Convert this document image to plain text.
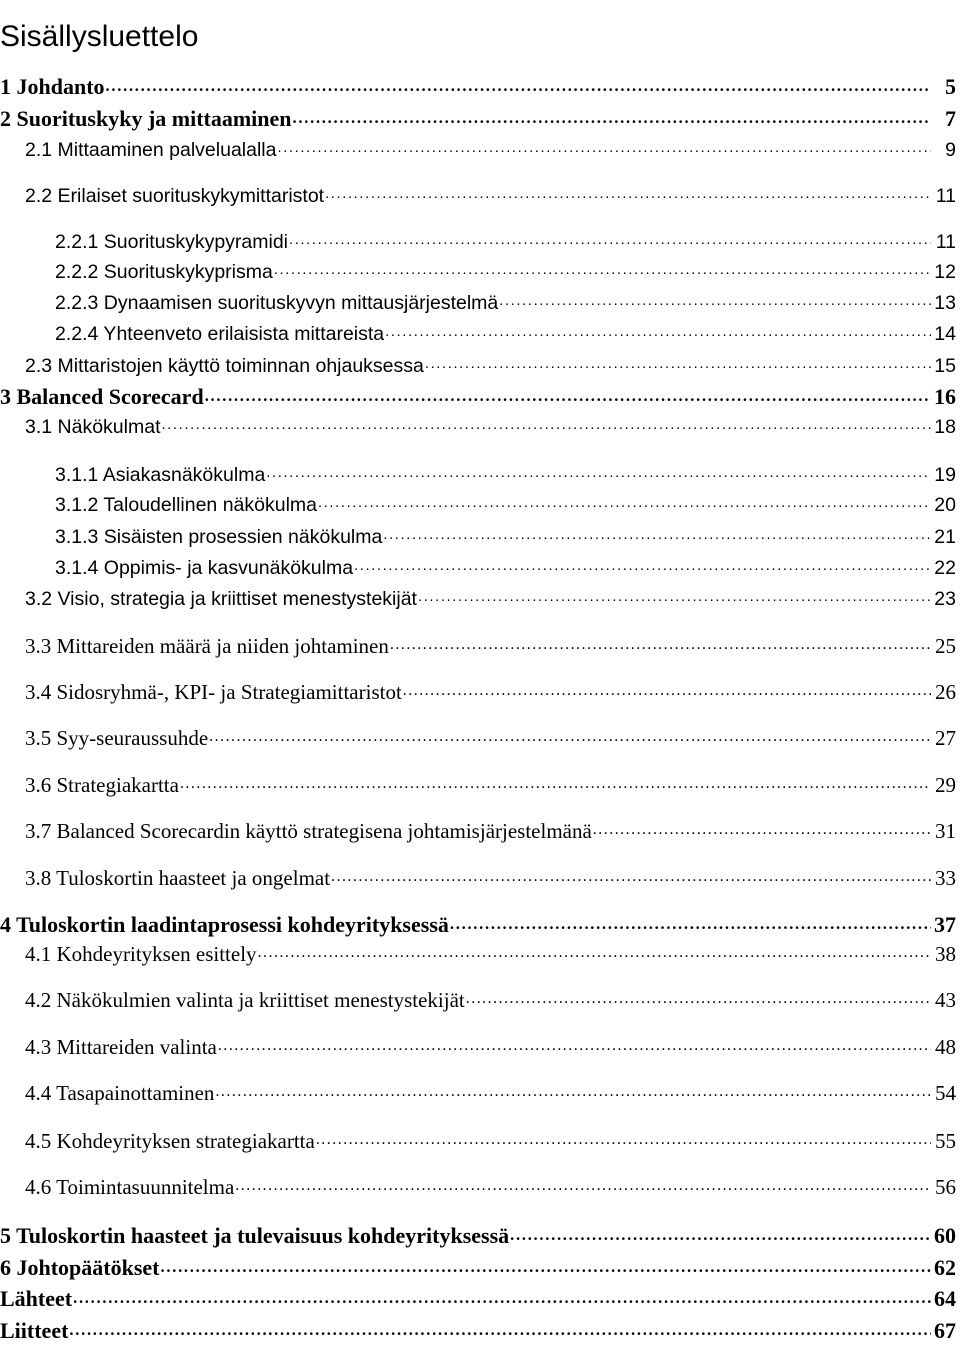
Sisällysluettelo
1 Johdanto . . .	5
2 Suorituskyky ja mittaaminen . . .	7
2.1 Mittaaminen palvelualalla . . .	9
2.2 Erilaiset suorituskykymittaristot . . .	11
2.2.1 Suorituskykypyramidi . . .	11
2.2.2 Suorituskykyprisma . . .	12
2.2.3 Dynaamisen suorituskyvyn mittausjärjestelmä . . .	13
2.2.4 Yhteenveto erilaisista mittareista . . .	14
2.3 Mittaristojen käyttö toiminnan ohjauksessa . . .	15
3 Balanced Scorecard . . .	16
3.1 Näkökulmat . . .	18
3.1.1 Asiakasnäkökulma . . .	19
3.1.2 Taloudellinen näkökulma . . .	20
3.1.3 Sisäisten prosessien näkökulma . . .	21
3.1.4 Oppimis- ja kasvunäkökulma . . .	22
3.2 Visio, strategia ja kriittiset menestystekijät . . .	23
3.3 Mittareiden määrä ja niiden johtaminen . . .	25
3.4 Sidosryhmä-, KPI- ja Strategiamittaristot . . .	26
3.5 Syy-seuraussuhde . . .	27
3.6 Strategiakartta . . .	29
3.7 Balanced Scorecardin käyttö strategisena johtamisjärjestelmänä . . .	31
3.8 Tuloskortin haasteet ja ongelmat . . .	33
4 Tuloskortin laadintaprosessi kohdeyrityksessä . . .	37
4.1 Kohdeyrityksen esittely . . .	38
4.2 Näkökulmien valinta ja kriittiset menestystekijät . . .	43
4.3 Mittareiden valinta . . .	48
4.4 Tasapainottaminen . . .	54
4.5 Kohdeyrityksen strategiakartta . . .	55
4.6 Toimintasuunnitelma . . .	56
5 Tuloskortin haasteet ja tulevaisuus kohdeyrityksessä . . .	60
6 Johtopäätökset . . .	62
Lähteet . . .	64
Liitteet . . .	67
